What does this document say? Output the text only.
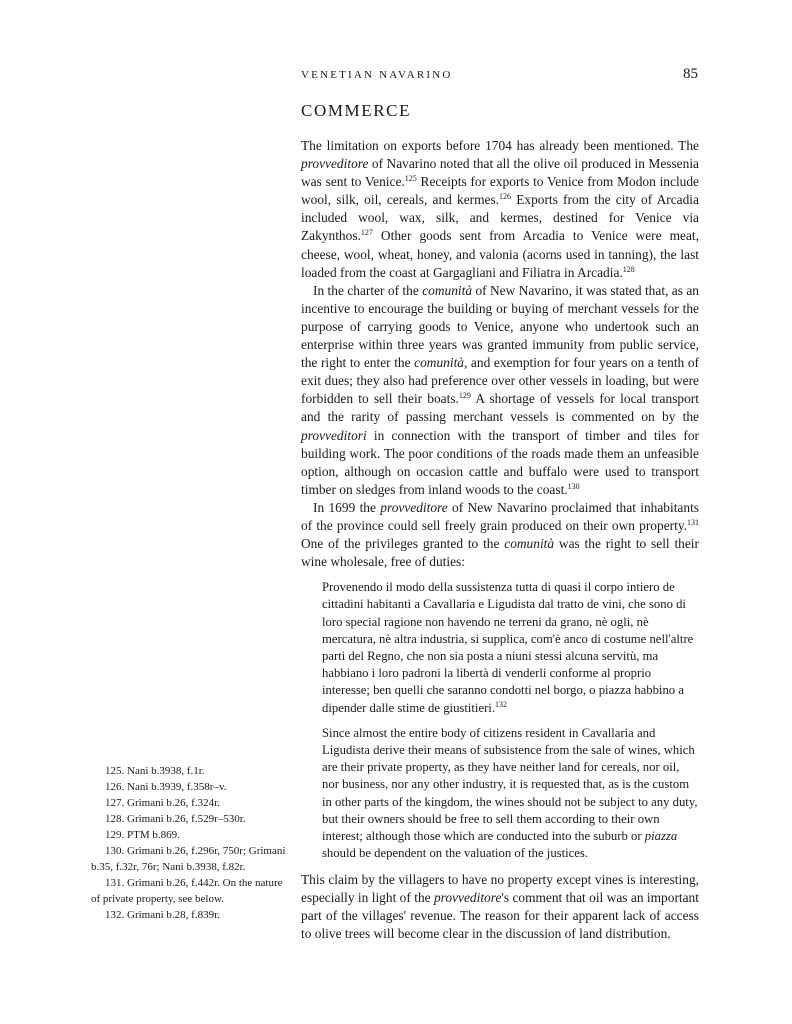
VENETIAN NAVARINO	85
COMMERCE

The limitation on exports before 1704 has already been mentioned. The provveditore of Navarino noted that all the olive oil produced in Messenia was sent to Venice.$^{125}$ Receipts for exports to Venice from Modon include wool, silk, oil, cereals, and kermes.$^{126}$ Exports from the city of Arcadia included wool, wax, silk, and kermes, destined for Venice via Zakynthos.$^{127}$ Other goods sent from Arcadia to Venice were meat, cheese, wool, wheat, honey, and valonia (acorns used in tanning), the last loaded from the coast at Gargagliani and Filiatra in Arcadia.$^{128}$

In the charter of the comunità of New Navarino, it was stated that, as an incentive to encourage the building or buying of merchant vessels for the purpose of carrying goods to Venice, anyone who undertook such an enterprise within three years was granted immunity from public service, the right to enter the comunità, and exemption for four years on a tenth of exit dues; they also had preference over other vessels in loading, but were forbidden to sell their boats.$^{129}$ A shortage of vessels for local transport and the rarity of passing merchant vessels is commented on by the provveditori in connection with the transport of timber and tiles for building work. The poor conditions of the roads made them an unfeasible option, although on occasion cattle and buffalo were used to transport timber on sledges from inland woods to the coast.$^{130}$

In 1699 the provveditore of New Navarino proclaimed that inhabitants of the province could sell freely grain produced on their own property.$^{131}$ One of the privileges granted to the comunità was the right to sell their wine wholesale, free of duties:

Provenendo il modo della sussistenza tutta di quasi il corpo intiero de cittadini habitanti a Cavallaria e Ligudista dal tratto de vini, che sono di loro special ragione non havendo ne terreni da grano, nè ogli, nè mercatura, nè altra industria, si supplica, com'è anco di costume nell'altre parti del Regno, che non sia posta a niuni stessi alcuna servitù, ma habbiano i loro padroni la libertà di venderli conforme al proprio interesse; ben quelli che saranno condotti nel borgo, o piazza habbino a dipender dalle stime de giustitieri.$^{132}$

Since almost the entire body of citizens resident in Cavallaria and Ligudista derive their means of subsistence from the sale of wines, which are their private property, as they have neither land for cereals, nor oil, nor business, nor any other industry, it is requested that, as is the custom in other parts of the kingdom, the wines should not be subject to any duty, but their owners should be free to sell them according to their own interest; although those which are conducted into the suburb or piazza should be dependent on the valuation of the justices.

This claim by the villagers to have no property except vines is interesting, especially in light of the provveditore's comment that oil was an important part of the villages' revenue. The reason for their apparent lack of access to olive trees will become clear in the discussion of land distribution.

125. Nani b.3938, f.1r.

126. Nani b.3939, f.358r–v.

127. Grimani b.26, f.324r.

128. Grimani b.26, f.529r–530r.

129. PTM b.869.

130. Grimani b.26, f.296r, 750r; Grimani b.35, f.32r, 76r; Nani b.3938, f.82r.

131. Grimani b.26, f.442r. On the nature of private property, see below.

132. Grimani b.28, f.839r.
